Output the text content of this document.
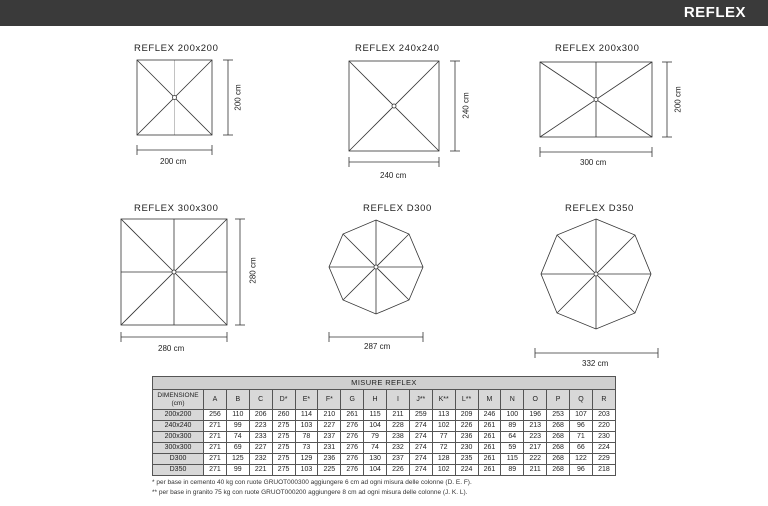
REFLEX
REFLEX 200x200	REFLEX 240x240	REFLEX 200x300
REFLEX 300x300	REFLEX D300	REFLEX D350
200 cm
200 cm
240 cm
240 cm
300 cm
200 cm
280 cm
280 cm
287 cm
332 cm
MISURE REFLEX																		
DIMENSIONE (cm)	A	B	C	D*	E*	F*	G	H	I	J**	K**	L**	M	N	O	P	Q	R
200x200	256	110	206	260	114	210	261	115	211	259	113	209	246	100	196	253	107	203
240x240	271	99	223	275	103	227	276	104	228	274	102	226	261	89	213	268	96	220
200x300	271	74	233	275	78	237	276	79	238	274	77	236	261	64	223	268	71	230
300x300	271	69	227	275	73	231	276	74	232	274	72	230	261	59	217	268	66	224
D300	271	125	232	275	129	236	276	130	237	274	128	235	261	115	222	268	122	229
D350	271	99	221	275	103	225	276	104	226	274	102	224	261	89	211	268	96	218
* per base in cemento 40 kg con ruote GRUOT000300 aggiungere 6 cm ad ogni misura delle colonne (D. E. F).
** per base in granito 75 kg con ruote GRUOT000200 aggiungere 8 cm ad ogni misura delle colonne (J. K. L).
